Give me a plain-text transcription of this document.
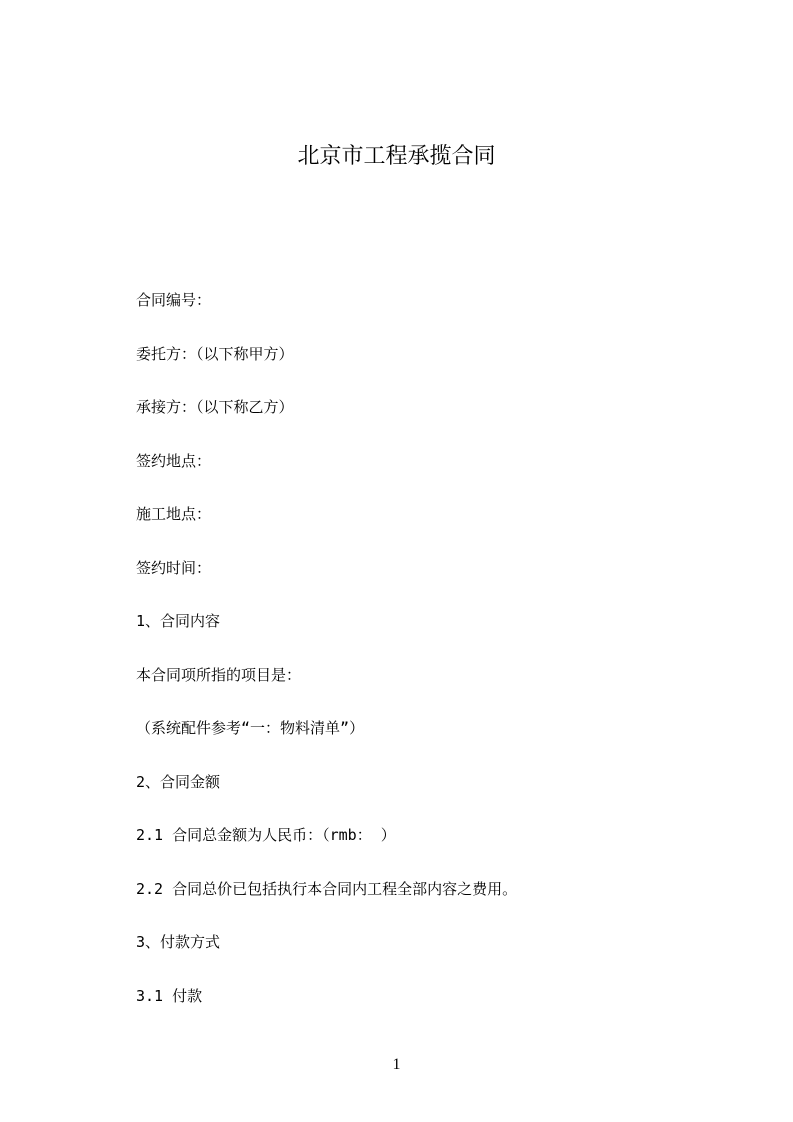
北京市工程承揽合同

合同编号：

委托方：（以下称甲方）

承接方：（以下称乙方）

签约地点：

施工地点：

签约时间：

1、合同内容

本合同项所指的项目是：

（系统配件参考“一：物料清单”）

2、合同金额

2.1 合同总金额为人民币：（rmb： ）

2.2 合同总价已包括执行本合同内工程全部内容之费用。

3、付款方式

3.1 付款

1
